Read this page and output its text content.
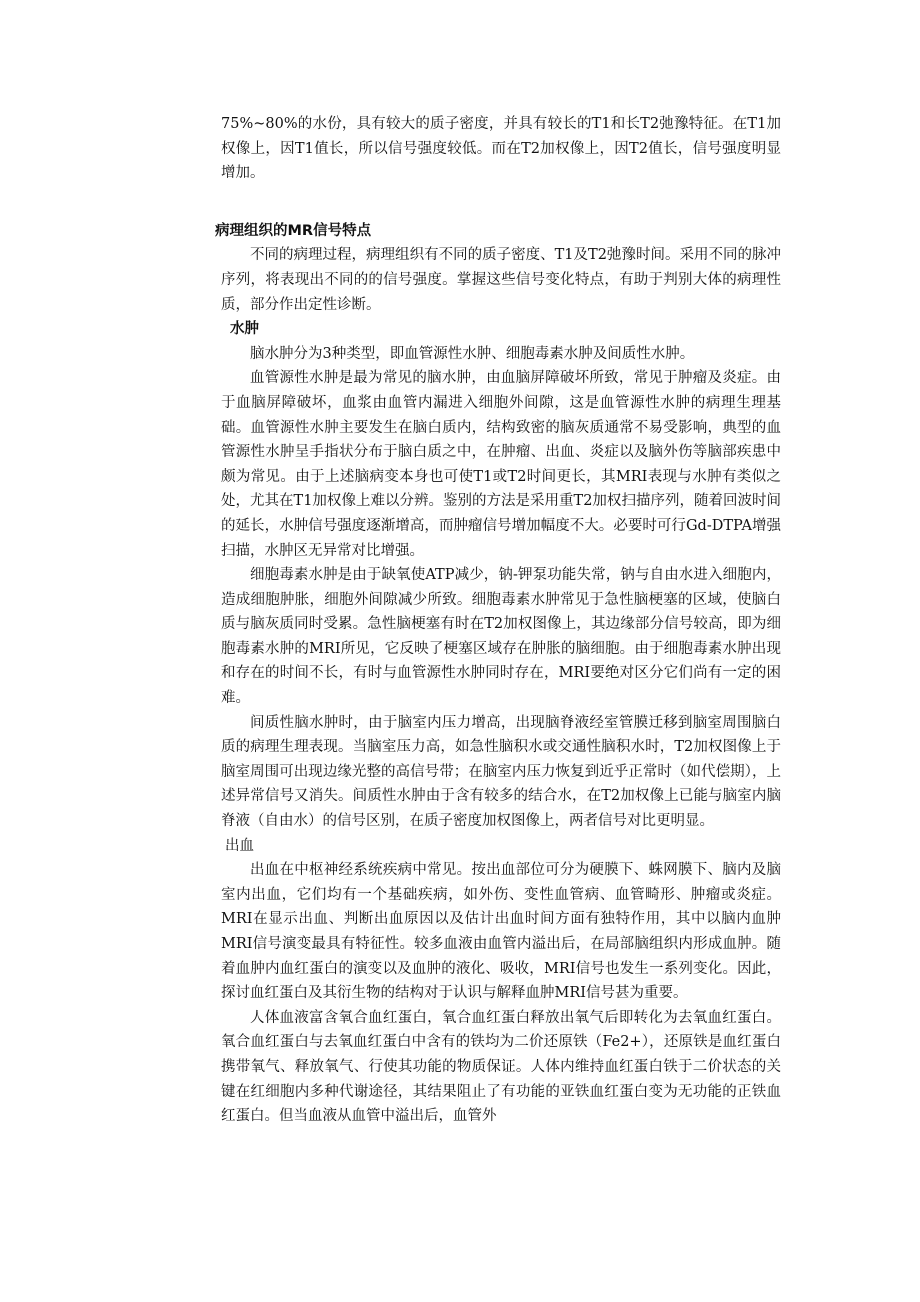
75%~80%的水份，具有较大的质子密度，并具有较长的T1和长T2弛豫特征。在T1加权像上，因T1值长，所以信号强度较低。而在T2加权像上，因T2值长，信号强度明显增加。

病理组织的MR信号特点

不同的病理过程，病理组织有不同的质子密度、T1及T2弛豫时间。采用不同的脉冲序列，将表现出不同的的信号强度。掌握这些信号变化特点，有助于判别大体的病理性质，部分作出定性诊断。

水肿

脑水肿分为3种类型，即血管源性水肿、细胞毒素水肿及间质性水肿。

血管源性水肿是最为常见的脑水肿，由血脑屏障破坏所致，常见于肿瘤及炎症。由于血脑屏障破坏，血浆由血管内漏进入细胞外间隙，这是血管源性水肿的病理生理基础。血管源性水肿主要发生在脑白质内，结构致密的脑灰质通常不易受影响，典型的血管源性水肿呈手指状分布于脑白质之中，在肿瘤、出血、炎症以及脑外伤等脑部疾患中颇为常见。由于上述脑病变本身也可使T1或T2时间更长，其MRI表现与水肿有类似之处，尤其在T1加权像上难以分辨。鉴别的方法是采用重T2加权扫描序列，随着回波时间的延长，水肿信号强度逐渐增高，而肿瘤信号增加幅度不大。必要时可行Gd-DTPA增强扫描，水肿区无异常对比增强。

细胞毒素水肿是由于缺氧使ATP减少，钠-钾泵功能失常，钠与自由水进入细胞内，造成细胞肿胀，细胞外间隙减少所致。细胞毒素水肿常见于急性脑梗塞的区域，使脑白质与脑灰质同时受累。急性脑梗塞有时在T2加权图像上，其边缘部分信号较高，即为细胞毒素水肿的MRI所见，它反映了梗塞区域存在肿胀的脑细胞。由于细胞毒素水肿出现和存在的时间不长，有时与血管源性水肿同时存在，MRI要绝对区分它们尚有一定的困难。

间质性脑水肿时，由于脑室内压力增高，出现脑脊液经室管膜迁移到脑室周围脑白质的病理生理表现。当脑室压力高，如急性脑积水或交通性脑积水时，T2加权图像上于脑室周围可出现边缘光整的高信号带；在脑室内压力恢复到近乎正常时（如代偿期），上述异常信号又消失。间质性水肿由于含有较多的结合水，在T2加权像上已能与脑室内脑脊液（自由水）的信号区别，在质子密度加权图像上，两者信号对比更明显。

出血

出血在中枢神经系统疾病中常见。按出血部位可分为硬膜下、蛛网膜下、脑内及脑室内出血，它们均有一个基础疾病，如外伤、变性血管病、血管畸形、肿瘤或炎症。MRI在显示出血、判断出血原因以及估计出血时间方面有独特作用，其中以脑内血肿MRI信号演变最具有特征性。较多血液由血管内溢出后，在局部脑组织内形成血肿。随着血肿内血红蛋白的演变以及血肿的液化、吸收，MRI信号也发生一系列变化。因此，探讨血红蛋白及其衍生物的结构对于认识与解释血肿MRI信号甚为重要。

人体血液富含氧合血红蛋白，氧合血红蛋白释放出氧气后即转化为去氧血红蛋白。氧合血红蛋白与去氧血红蛋白中含有的铁均为二价还原铁（Fe2+），还原铁是血红蛋白携带氧气、释放氧气、行使其功能的物质保证。人体内维持血红蛋白铁于二价状态的关键在红细胞内多种代谢途径，其结果阻止了有功能的亚铁血红蛋白变为无功能的正铁血红蛋白。但当血液从血管中溢出后，血管外
